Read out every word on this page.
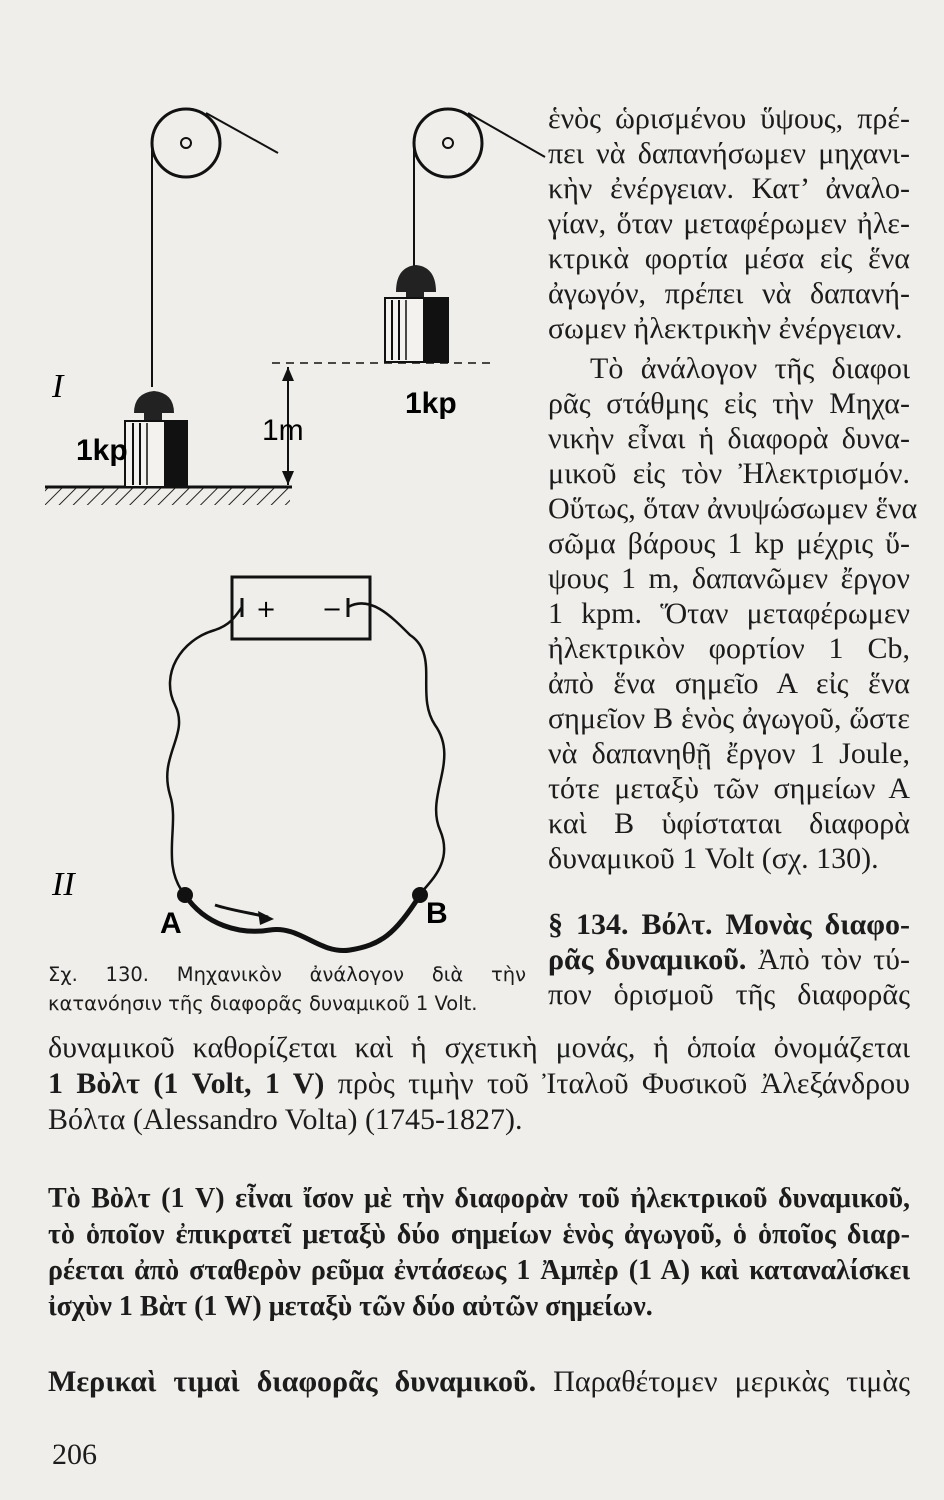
1kp
1kp
1m
I
+ −
A	B
II
ἑνὸς ὡρισμένου ὕψους, πρέ-
πει νὰ δαπανήσωμεν μηχανι-
κὴν ἐνέργειαν. Κατ’ ἀναλο-
γίαν, ὅταν μεταφέρωμεν ἠλε-
κτρικὰ φορτία μέσα εἰς ἕνα
ἀγωγόν, πρέπει νὰ δαπανή-
σωμεν ἠλεκτρικὴν ἐνέργειαν.
Τὸ ἀνάλογον τῆς διαφοι
ρᾶς στάθμης εἰς τὴν Μηχα-
νικὴν εἶναι ἡ διαφορὰ δυνα-
μικοῦ εἰς τὸν Ἠλεκτρισμόν.
Οὕτως, ὅταν ἀνυψώσωμεν ἕνα
σῶμα βάρους 1 kp μέχρις ὕ-
ψους 1 m, δαπανῶμεν ἔργον
1 kpm. Ὅταν μεταφέρωμεν
ἠλεκτρικὸν φορτίον 1 Cb,
ἀπὸ ἕνα σημεῖο Α εἰς ἕνα
σημεῖον Β ἑνὸς ἀγωγοῦ, ὥστε
νὰ δαπανηθῇ ἔργον 1 Joule,
τότε μεταξὺ τῶν σημείων Α
καὶ Β ὑφίσταται διαφορὰ
δυναμικοῦ 1 Volt (σχ. 130).
§ 134. Βόλτ. Μονὰς διαφο-
ρᾶς δυναμικοῦ. Ἀπὸ τὸν τύ-
πον ὁρισμοῦ τῆς διαφορᾶς
Σχ. 130. Μηχανικὸν ἀνάλογον διὰ τὴν
κατανόησιν τῆς διαφορᾶς δυναμικοῦ 1 Volt.
δυναμικοῦ καθορίζεται καὶ ἡ σχετικὴ μονάς, ἡ ὁποία ὀνομάζεται
1 Βὸλτ (1 Volt, 1 V) πρὸς τιμὴν τοῦ Ἰταλοῦ Φυσικοῦ Ἀλεξάνδρου
Βόλτα (Alessandro Volta) (1745-1827).
Τὸ Βὸλτ (1 V) εἶναι ἴσον μὲ τὴν διαφορὰν τοῦ ἠλεκτρικοῦ δυναμικοῦ,
τὸ ὁποῖον ἐπικρατεῖ μεταξὺ δύο σημείων ἑνὸς ἀγωγοῦ, ὁ ὁποῖος διαρ-
ρέεται ἀπὸ σταθερὸν ρεῦμα ἐντάσεως 1 Ἀμπὲρ (1 Α) καὶ καταναλίσκει
ἰσχὺν 1 Βὰτ (1 W) μεταξὺ τῶν δύο αὐτῶν σημείων.
Μερικαὶ τιμαὶ διαφορᾶς δυναμικοῦ. Παραθέτομεν μερικὰς τιμὰς
206
